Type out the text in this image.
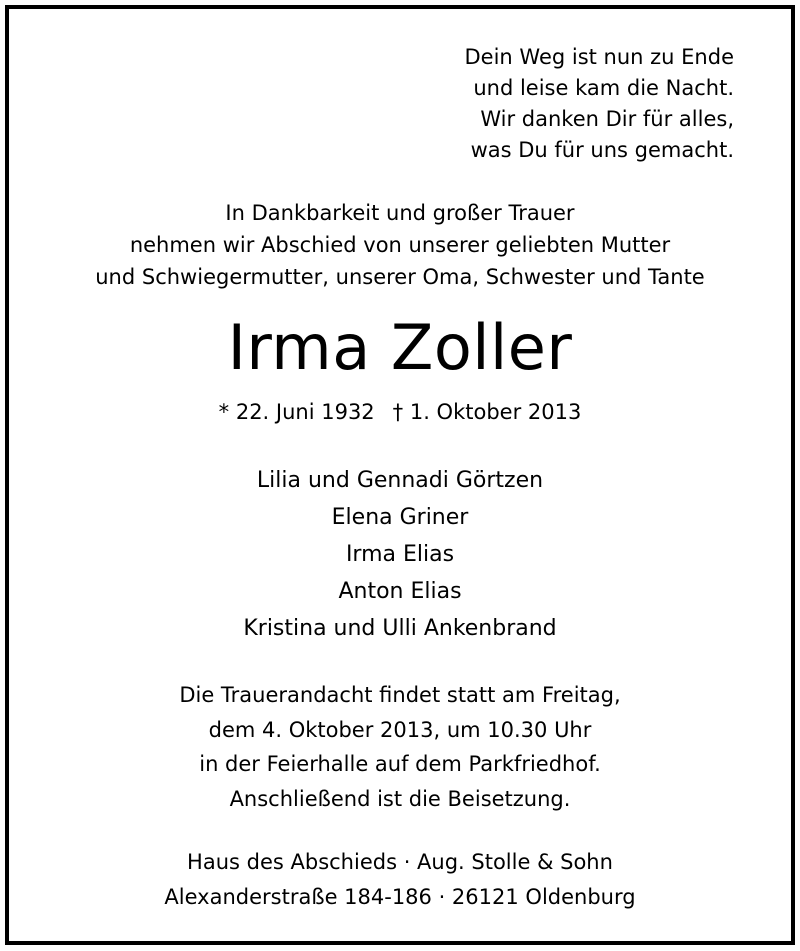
Dein Weg ist nun zu Ende
und leise kam die Nacht.
Wir danken Dir für alles,
was Du für uns gemacht.
In Dankbarkeit und großer Trauer
nehmen wir Abschied von unserer geliebten Mutter
und Schwiegermutter, unserer Oma, Schwester und Tante
Irma Zoller
* 22. Juni 1932 † 1. Oktober 2013
Lilia und Gennadi Görtzen
Elena Griner
Irma Elias
Anton Elias
Kristina und Ulli Ankenbrand
Die Trauerandacht findet statt am Freitag,
dem 4. Oktober 2013, um 10.30 Uhr
in der Feierhalle auf dem Parkfriedhof.
Anschließend ist die Beisetzung.
Haus des Abschieds · Aug. Stolle & Sohn
Alexanderstraße 184-186 · 26121 Oldenburg
